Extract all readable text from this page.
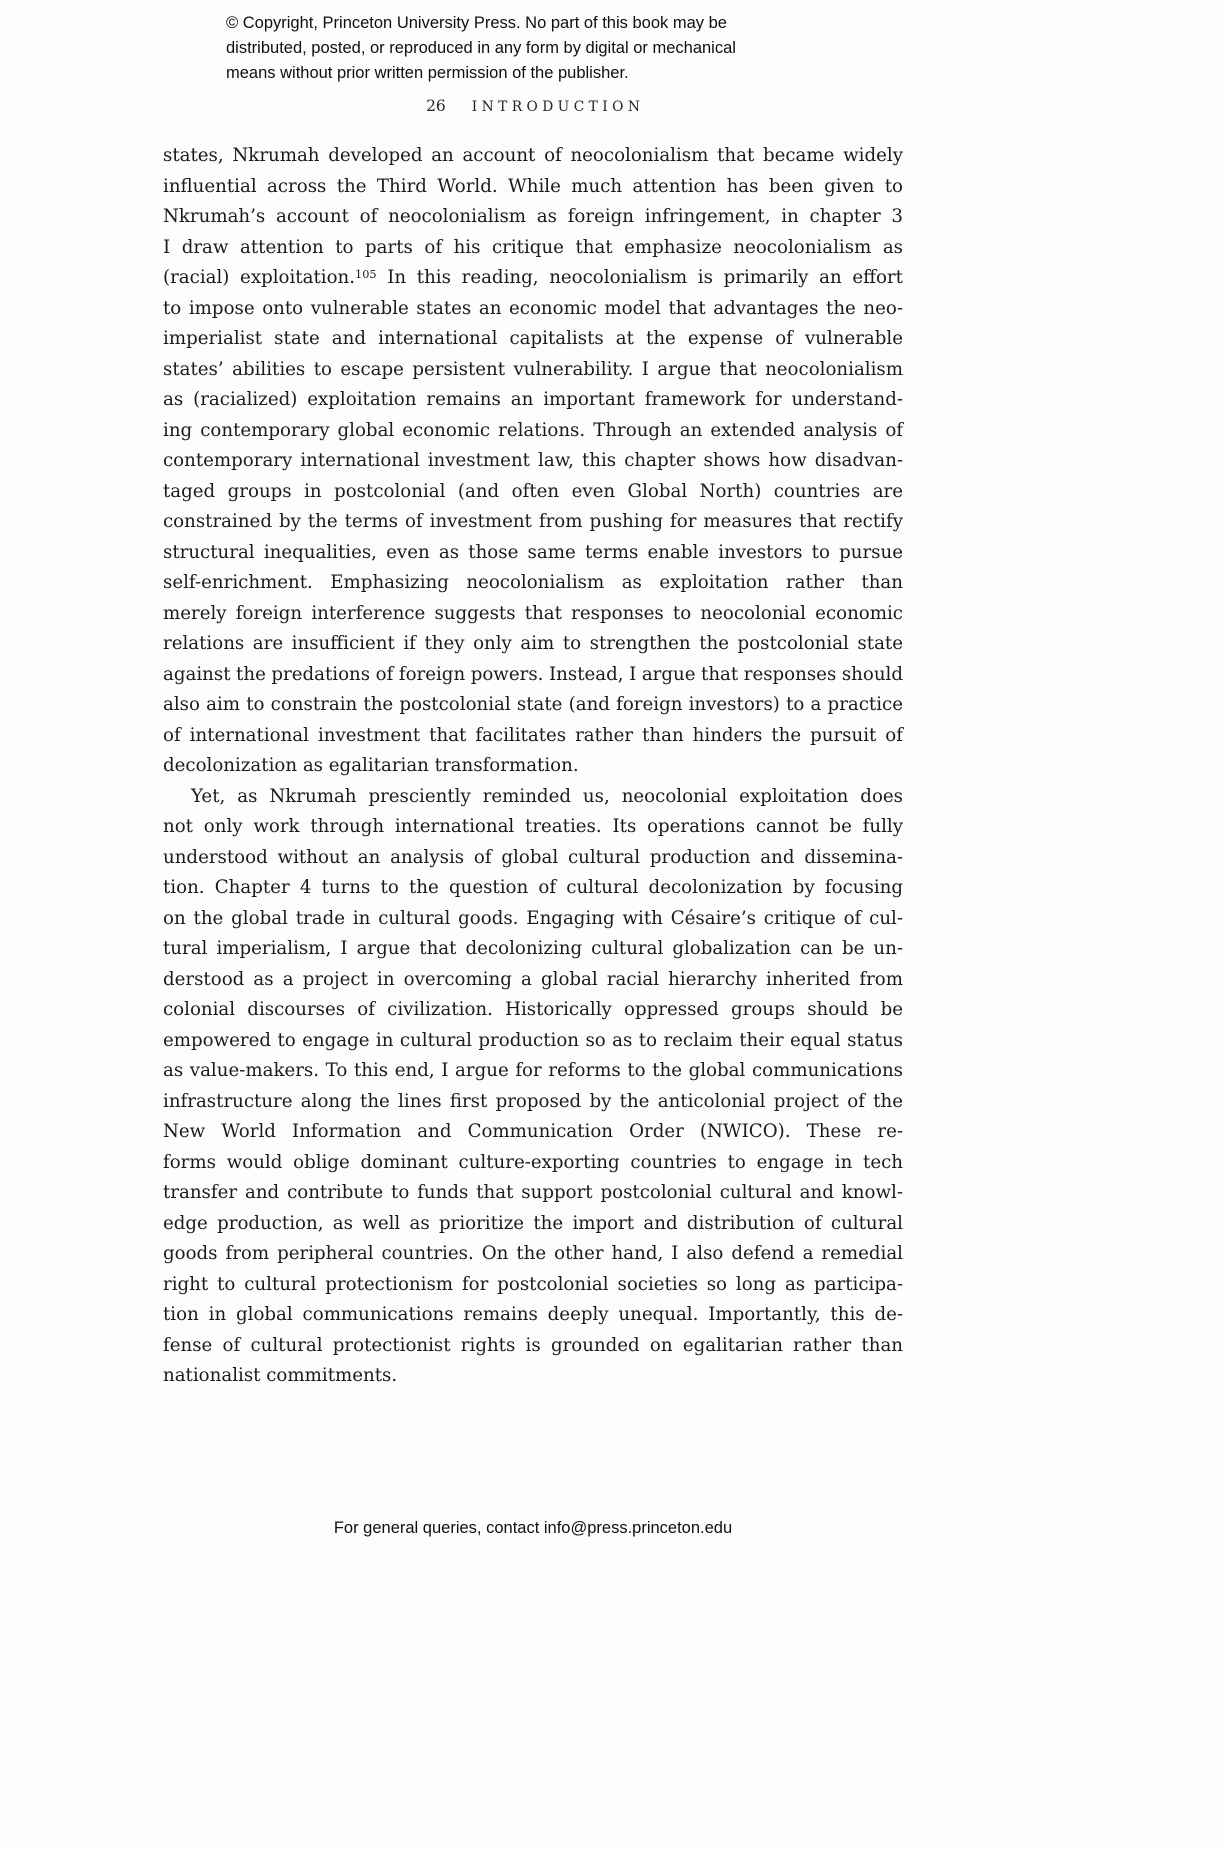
© Copyright, Princeton University Press. No part of this book may be
distributed, posted, or reproduced in any form by digital or mechanical
means without prior written permission of the publisher.
26 INTRODUCTION
states, Nkrumah developed an account of neocolonialism that became widely
influential across the Third World. While much attention has been given to
Nkrumah’s account of neocolonialism as foreign infringement, in chapter 3
I draw attention to parts of his critique that emphasize neocolonialism as
(racial) exploitation.$^{105}$ In this reading, neocolonialism is primarily an effort
to impose onto vulnerable states an economic model that advantages the neo-
imperialist state and international capitalists at the expense of vulnerable
states’ abilities to escape persistent vulnerability. I argue that neocolonialism
as (racialized) exploitation remains an important framework for understand-
ing contemporary global economic relations. Through an extended analysis of
contemporary international investment law, this chapter shows how disadvan-
taged groups in postcolonial (and often even Global North) countries are
constrained by the terms of investment from pushing for measures that rectify
structural inequalities, even as those same terms enable investors to pursue
self-enrichment. Emphasizing neocolonialism as exploitation rather than
merely foreign interference suggests that responses to neocolonial economic
relations are insufficient if they only aim to strengthen the postcolonial state
against the predations of foreign powers. Instead, I argue that responses should
also aim to constrain the postcolonial state (and foreign investors) to a practice
of international investment that facilitates rather than hinders the pursuit of
decolonization as egalitarian transformation.
Yet, as Nkrumah presciently reminded us, neocolonial exploitation does
not only work through international treaties. Its operations cannot be fully
understood without an analysis of global cultural production and dissemina-
tion. Chapter 4 turns to the question of cultural decolonization by focusing
on the global trade in cultural goods. Engaging with Césaire’s critique of cul-
tural imperialism, I argue that decolonizing cultural globalization can be un-
derstood as a project in overcoming a global racial hierarchy inherited from
colonial discourses of civilization. Historically oppressed groups should be
empowered to engage in cultural production so as to reclaim their equal status
as value-makers. To this end, I argue for reforms to the global communications
infrastructure along the lines first proposed by the anticolonial project of the
New World Information and Communication Order (NWICO). These re-
forms would oblige dominant culture-exporting countries to engage in tech
transfer and contribute to funds that support postcolonial cultural and knowl-
edge production, as well as prioritize the import and distribution of cultural
goods from peripheral countries. On the other hand, I also defend a remedial
right to cultural protectionism for postcolonial societies so long as participa-
tion in global communications remains deeply unequal. Importantly, this de-
fense of cultural protectionist rights is grounded on egalitarian rather than
nationalist commitments.
For general queries, contact info@press.princeton.edu
